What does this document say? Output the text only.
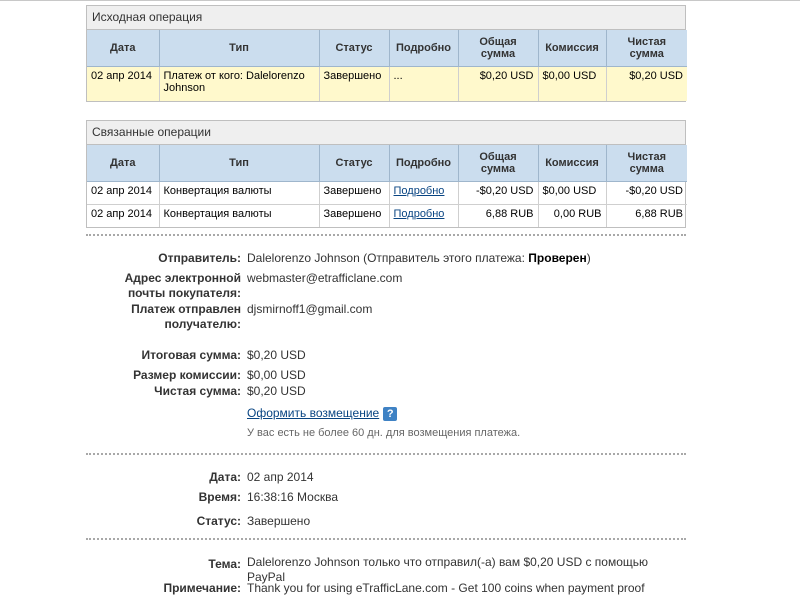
Исходная операция
Дата	Тип	Статус	Подробно	Общая сумма	Комиссия	Чистая сумма
02 апр 2014	Платеж от кого: Dalelorenzo Johnson	Завершено	...	$0,20 USD	$0,00 USD	$0,20 USD
Связанные операции
Дата	Тип	Статус	Подробно	Общая сумма	Комиссия	Чистая сумма
02 апр 2014	Конвертация валюты	Завершено	Подробно	-$0,20 USD	$0,00 USD	-$0,20 USD
02 апр 2014	Конвертация валюты	Завершено	Подробно	6,88 RUB	0,00 RUB	6,88 RUB
Отправитель: Dalelorenzo Johnson (Отправитель этого платежа: Проверен)
Адрес электронной почты покупателя:
webmaster@etrafficlane.com
Платеж отправлен получателю:
djsmirnoff1@gmail.com
Итоговая сумма: $0,20 USD
Размер комиссии: $0,00 USD
Чистая сумма: $0,20 USD
Оформить возмещение ?
У вас есть не более 60 дн. для возмещения платежа.
Дата: 02 апр 2014
Время: 16:38:16 Москва
Статус: Завершено
Тема: Dalelorenzo Johnson только что отправил(-а) вам $0,20 USD с помощью PayPal
Примечание: Thank you for using eTrafficLane.com - Get 100 coins when payment proof
